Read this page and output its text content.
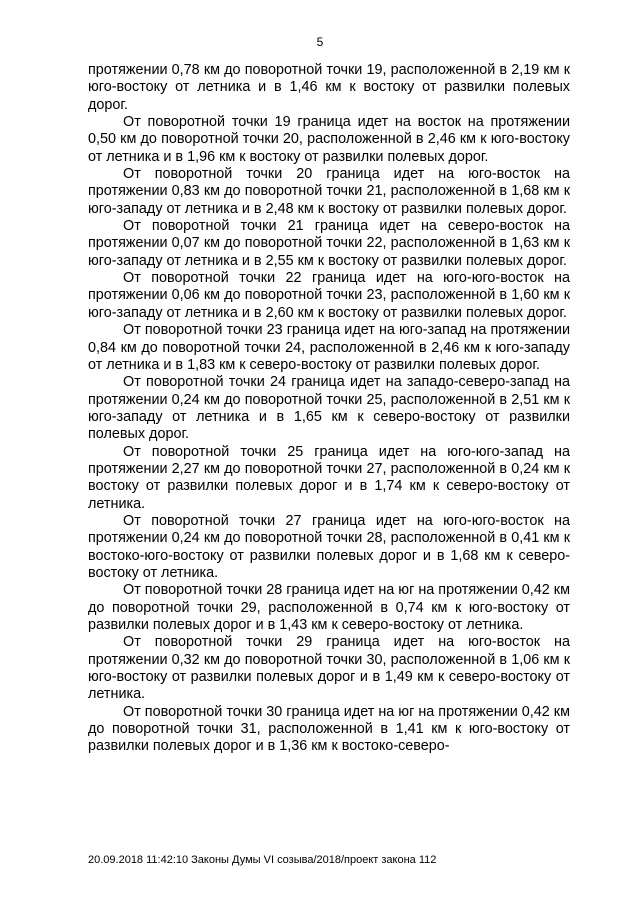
5

протяжении 0,78 км до поворотной точки 19, расположенной в 2,19 км к юго-востоку от летника и в 1,46 км к востоку от развилки полевых дорог.

От поворотной точки 19 граница идет на восток на протяжении 0,50 км до поворотной точки 20, расположенной в 2,46 км к юго-востоку от летника и в 1,96 км к востоку от развилки полевых дорог.

От поворотной точки 20 граница идет на юго-восток на протяжении 0,83 км до поворотной точки 21, расположенной в 1,68 км к юго-западу от летника и в 2,48 км к востоку от развилки полевых дорог.

От поворотной точки 21 граница идет на северо-восток на протяжении 0,07 км до поворотной точки 22, расположенной в 1,63 км к юго-западу от летника и в 2,55 км к востоку от развилки полевых дорог.

От поворотной точки 22 граница идет на юго-юго-восток на протяжении 0,06 км до поворотной точки 23, расположенной в 1,60 км к юго-западу от летника и в 2,60 км к востоку от развилки полевых дорог.

От поворотной точки 23 граница идет на юго-запад на протяжении 0,84 км до поворотной точки 24, расположенной в 2,46 км к юго-западу от летника и в 1,83 км к северо-востоку от развилки полевых дорог.

От поворотной точки 24 граница идет на западо-северо-запад на протяжении 0,24 км до поворотной точки 25, расположенной в 2,51 км к юго-западу от летника и в 1,65 км к северо-востоку от развилки полевых дорог.

От поворотной точки 25 граница идет на юго-юго-запад на протяжении 2,27 км до поворотной точки 27, расположенной в 0,24 км к востоку от развилки полевых дорог и в 1,74 км к северо-востоку от летника.

От поворотной точки 27 граница идет на юго-юго-восток на протяжении 0,24 км до поворотной точки 28, расположенной в 0,41 км к востоко-юго-востоку от развилки полевых дорог и в 1,68 км к северо-востоку от летника.

От поворотной точки 28 граница идет на юг на протяжении 0,42 км до поворотной точки 29, расположенной в 0,74 км к юго-востоку от развилки полевых дорог и в 1,43 км к северо-востоку от летника.

От поворотной точки 29 граница идет на юго-восток на протяжении 0,32 км до поворотной точки 30, расположенной в 1,06 км к юго-востоку от развилки полевых дорог и в 1,49 км к северо-востоку от летника.

От поворотной точки 30 граница идет на юг на протяжении 0,42 км до поворотной точки 31, расположенной в 1,41 км к юго-востоку от развилки полевых дорог и в 1,36 км к востоко-северо-

20.09.2018 11:42:10 Законы Думы VI созыва/2018/проект закона 112
